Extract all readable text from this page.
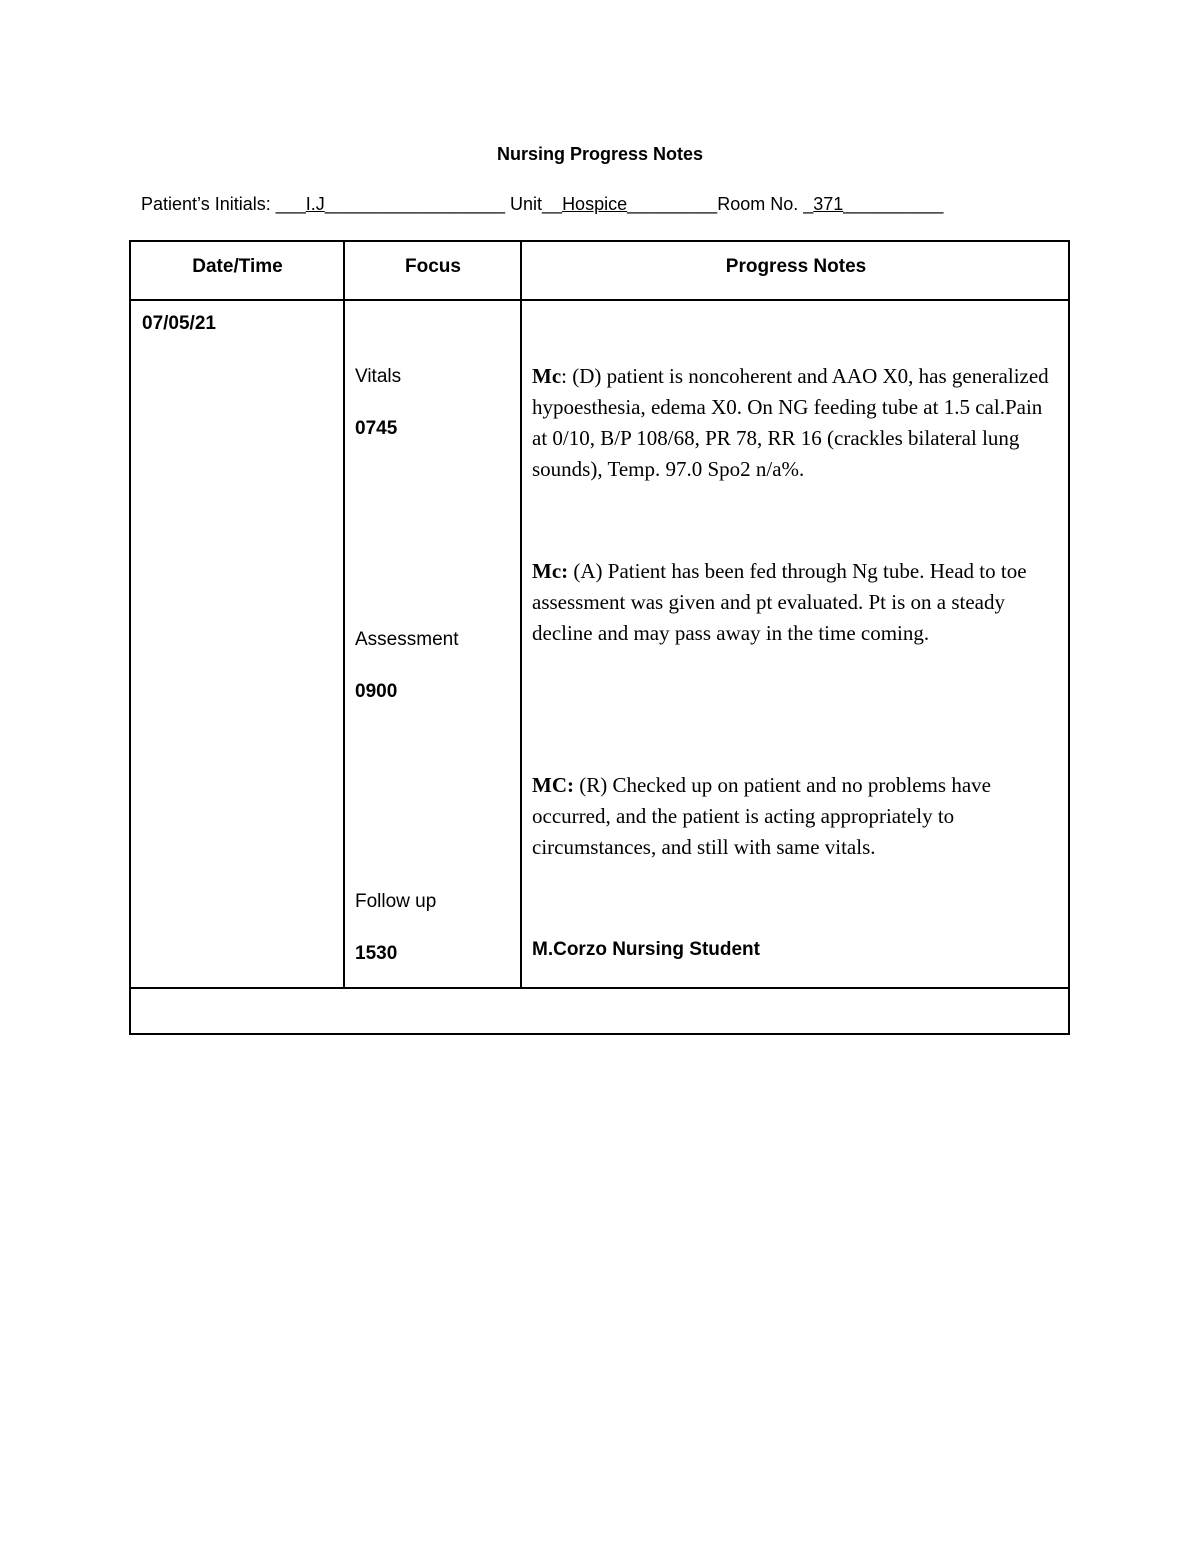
Nursing Progress Notes
Patient’s Initials: ___I.J__________________ Unit__Hospice_________Room No. _371__________
Date/Time	Focus	Progress Notes
07/05/21
Vitals
0745
Assessment
0900
Follow up
1530
Mc: (D) patient is noncoherent and AAO X0, has generalized hypoesthesia, edema X0. On NG feeding tube at 1.5 cal.Pain at 0/10, B/P 108/68, PR 78, RR 16 (crackles bilateral lung sounds), Temp. 97.0 Spo2 n/a%.
Mc: (A) Patient has been fed through Ng tube. Head to toe assessment was given and pt evaluated. Pt is on a steady decline and may pass away in the time coming.
MC: (R) Checked up on patient and no problems have occurred, and the patient is acting appropriately to circumstances, and still with same vitals.
M.Corzo Nursing Student
